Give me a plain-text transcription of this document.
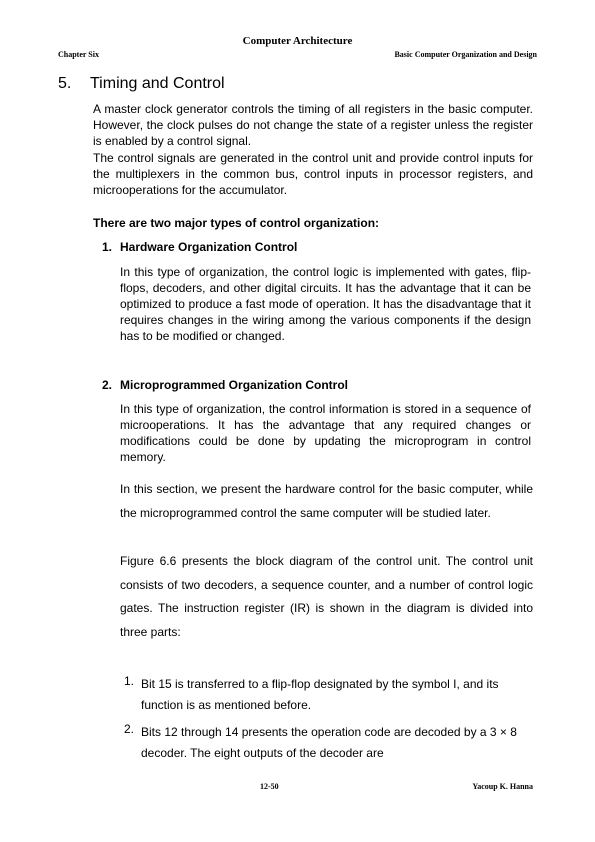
Computer Architecture
Chapter Six	Basic Computer Organization and Design
5. Timing and Control
A master clock generator controls the timing of all registers in the basic computer. However, the clock pulses do not change the state of a register unless the register is enabled by a control signal.
The control signals are generated in the control unit and provide control inputs for the multiplexers in the common bus, control inputs in processor registers, and microoperations for the accumulator.
There are two major types of control organization:
1. Hardware Organization Control
In this type of organization, the control logic is implemented with gates, flip-flops, decoders, and other digital circuits. It has the advantage that it can be optimized to produce a fast mode of operation. It has the disadvantage that it requires changes in the wiring among the various components if the design has to be modified or changed.
2. Microprogrammed Organization Control
In this type of organization, the control information is stored in a sequence of microoperations. It has the advantage that any required changes or modifications could be done by updating the microprogram in control memory.
In this section, we present the hardware control for the basic computer, while the microprogrammed control the same computer will be studied later.
Figure 6.6 presents the block diagram of the control unit. The control unit consists of two decoders, a sequence counter, and a number of control logic gates. The instruction register (IR) is shown in the diagram is divided into three parts:
1. Bit 15 is transferred to a flip-flop designated by the symbol I, and its function is as mentioned before.
2. Bits 12 through 14 presents the operation code are decoded by a 3 × 8 decoder. The eight outputs of the decoder are
12-50	Yacoup K. Hanna
